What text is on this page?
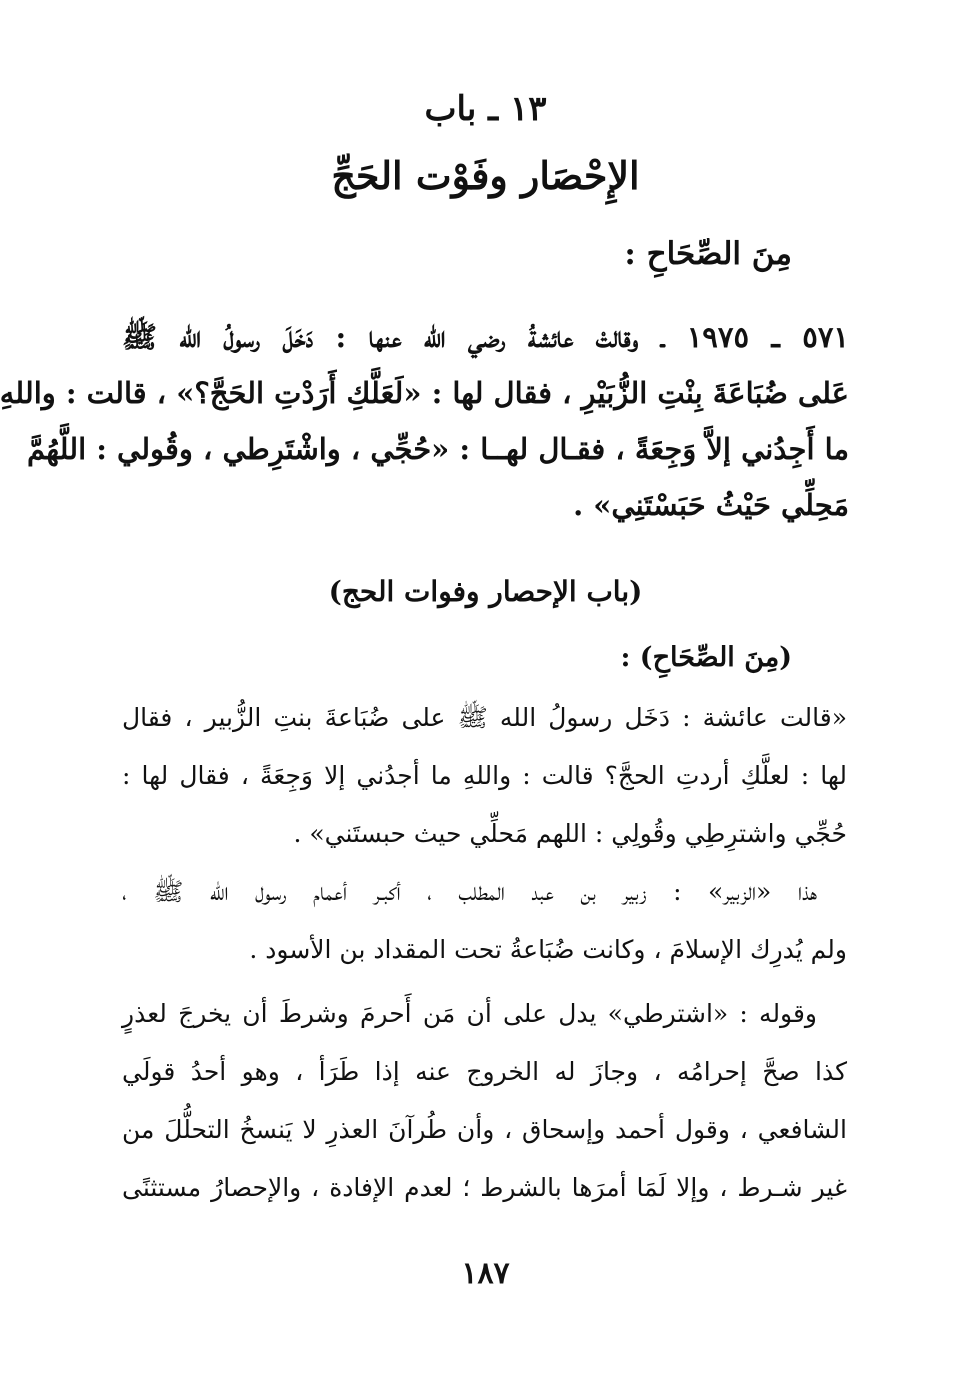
١٣ ـ باب
الإِحْصَار وفَوْت الحَجِّ
مِنَ الصِّحَاحِ :
٥٧١ ـ ١٩٧٥ ـ وقالتْ عائشةُ رضي الله عنها : دَخَلَ رسولُ الله ﷺ
عَلى ضُبَاعَةَ بِنْتِ الزُّبَيْرِ ، فقال لها : «لَعَلَّكِ أَرَدْتِ الحَجَّ؟» ، قالت : واللهِ
ما أَجِدُني إلاَّ وَجِعَةً ، فقـال لهــا : «حُجِّي ، واشْتَرِطي ، وقُولي : اللَّهُمَّ
مَحِلِّي حَيْثُ حَبَسْتَنِي» .
(باب الإحصار وفوات الحج)
(مِنَ الصِّحَاحِ) :
«قالت عائشة : دَخَل رسولُ الله ﷺ على ضُبَاعةَ بنتِ الزُّبير ، فقال
لها : لعلَّكِ أردتِ الحجَّ؟ قالت : واللهِ ما أجدُني إلا وَجِعَةً ، فقال لها :
حُجِّي واشترِطِي وقُولِي : اللهم مَحلِّي حيث حبستَني» .
هذا «الزبير» : زبير بن عبد المطلب ، أكبـر أعمام رسول الله ﷺ ،
ولم يُدرِك الإسلامَ ، وكانت ضُبَاعةُ تحت المقداد بن الأسود .
وقوله : «اشترطي» يدل على أن مَن أَحرمَ وشرطَ أن يخرجَ لعذرٍ
كذا صحَّ إحرامُه ، وجازَ له الخروج عنه إذا طَرَأ ، وهو أحدُ قولَي
الشافعي ، وقول أحمد وإسحاق ، وأن طُرآنَ العذرِ لا يَنسخُ التحلُّلَ من
غير شـرط ، وإلا لَمَا أمرَها بالشرط ؛ لعدم الإفادة ، والإحصارُ مستثنًى
١٨٧
